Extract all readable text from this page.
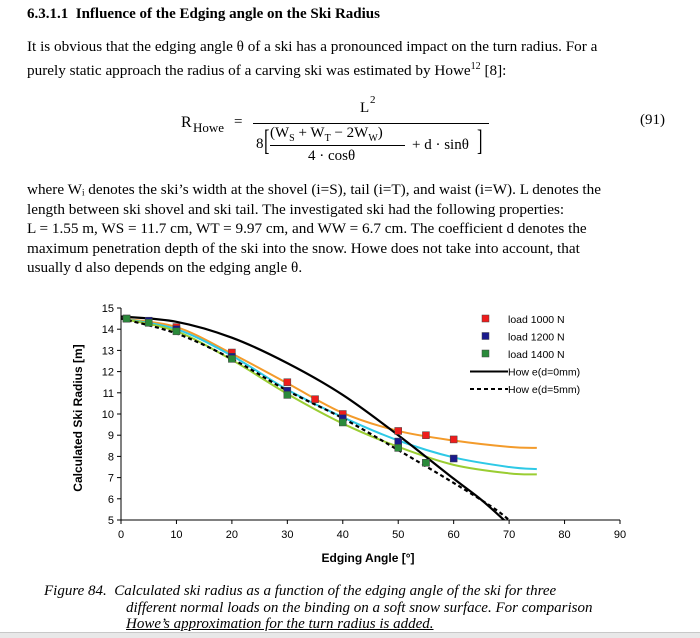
6.3.1.1 Influence of the Edging angle on the Ski Radius
It is obvious that the edging angle θ of a ski has a pronounced impact on the turn radius. For a
purely static approach the radius of a carving ski was estimated by Howe$^{12}$ [8]:
R Howe =
L 2
8 [ $(W_S + W_T - 2W_W)$
4 · cosθ
+ d · sinθ ]
(91)
where Wᵢ denotes the ski’s width at the shovel (i=S), tail (i=T), and waist (i=W). L denotes the
length between ski shovel and ski tail. The investigated ski had the following properties:
L = 1.55 m, WS = 11.7 cm, WT = 9.97 cm, and WW = 6.7 cm. The coefficient d denotes the
maximum penetration depth of the ski into the snow. Howe does not take into account, that
usually d also depends on the edging angle θ.
0	10	20	30	40	50	60	70	80	90
5
6
7
8
9
10
11
12
13
14
15
load 1000 N
load 1200 N
load 1400 N
How e(d=0mm)
How e(d=5mm)
Edging Angle [°]
Calculated Ski Radius [m]
Figure 84. Calculated ski radius as a function of the edging angle of the ski for three
different normal loads on the binding on a soft snow surface. For comparison
Howe’s approximation for the turn radius is added.
